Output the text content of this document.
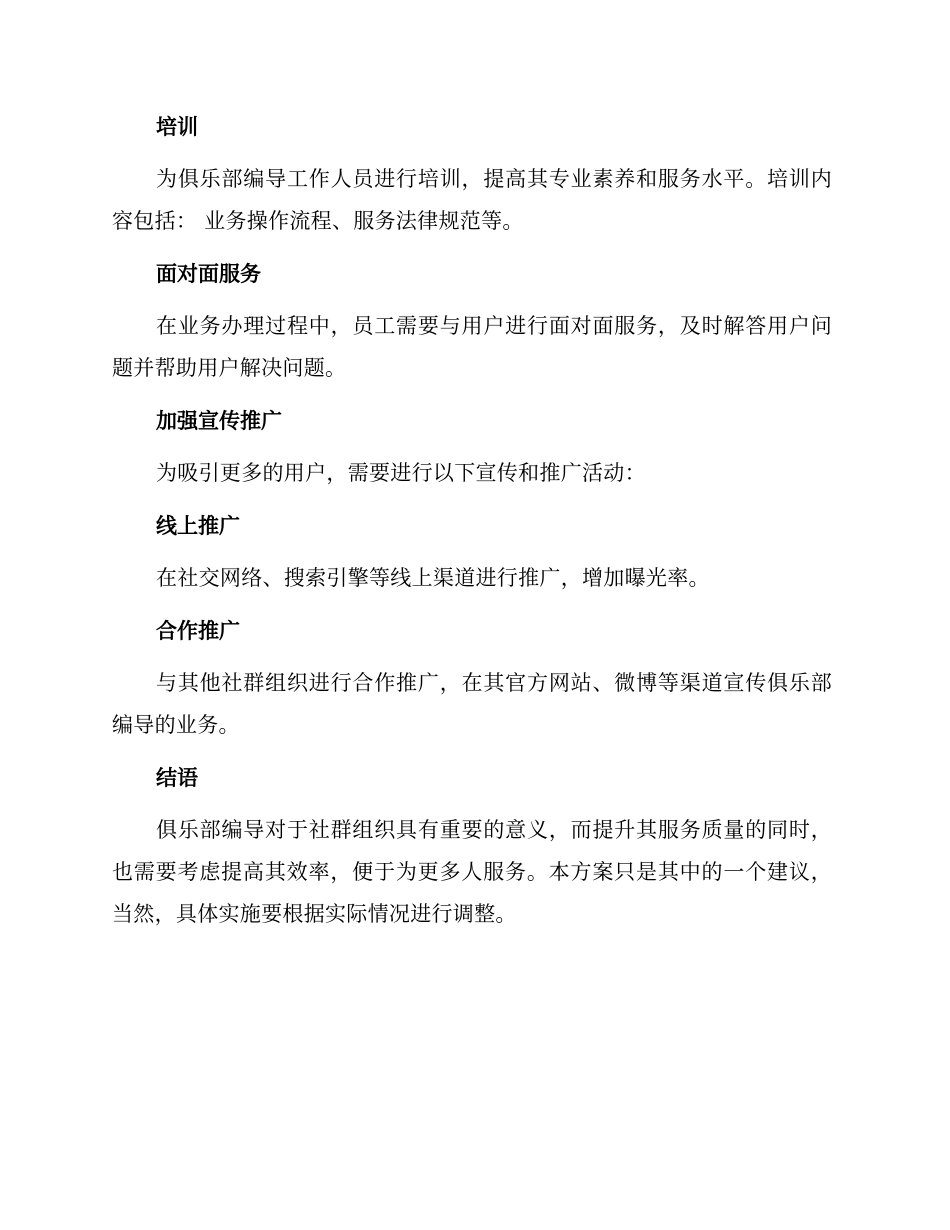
培训

为俱乐部编导工作人员进行培训，提高其专业素养和服务水平。培训内容包括： 业务操作流程、服务法律规范等。

面对面服务

在业务办理过程中，员工需要与用户进行面对面服务，及时解答用户问题并帮助用户解决问题。

加强宣传推广

为吸引更多的用户，需要进行以下宣传和推广活动：

线上推广

在社交网络、搜索引擎等线上渠道进行推广，增加曝光率。

合作推广

与其他社群组织进行合作推广，在其官方网站、微博等渠道宣传俱乐部编导的业务。

结语

俱乐部编导对于社群组织具有重要的意义，而提升其服务质量的同时，也需要考虑提高其效率，便于为更多人服务。本方案只是其中的一个建议，当然，具体实施要根据实际情况进行调整。
